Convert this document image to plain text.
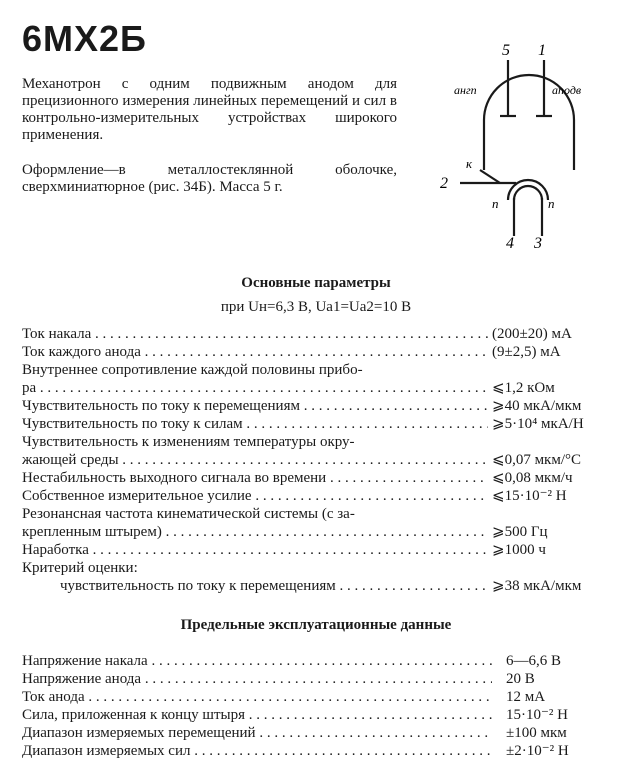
6МХ2Б

Механотрон с одним подвижным анодом для прецизионного измерения линейных перемещений и сил в контрольно-измерительных устройствах широкого применения.

Оформление—в металлостеклянной оболочке, сверхминиатюрное (рис. 34Б). Масса 5 г.

5 1
aнгп	aподв
к
2
п	п
4 3
Основные параметры
при Uн=6,3 В, Ua1=Ua2=10 В
Ток накала . . .	(200±20) мА
Ток каждого анода . . .	(9±2,5) мА
Внутреннее сопротивление каждой половины прибо-
ра . . .	⩽1,2 кОм
Чувствительность по току к перемещениям . . .	⩾40 мкА/мкм
Чувствительность по току к силам . . .	⩾5·10⁴ мкА/Н
Чувствительность к изменениям температуры окру-
жающей среды . . .	⩽0,07 мкм/°С
Нестабильность выходного сигнала во времени . . .	⩽0,08 мкм/ч
Собственное измерительное усилие . . .	⩽15·10⁻² Н
Резонансная частота кинематической системы (с за-
крепленным штырем) . . .	⩾500 Гц
Наработка . . .	⩾1000 ч
Критерий оценки:
чувствительность по току к перемещениям . . .	⩾38 мкА/мкм
Предельные эксплуатационные данные
Напряжение накала . . .	6—6,6 В
Напряжение анода . . .	20 В
Ток анода . . .	12 мА
Сила, приложенная к концу штыря . . .	15·10⁻² Н
Диапазон измеряемых перемещений . . .	±100 мкм
Диапазон измеряемых сил . . .	±2·10⁻² Н
